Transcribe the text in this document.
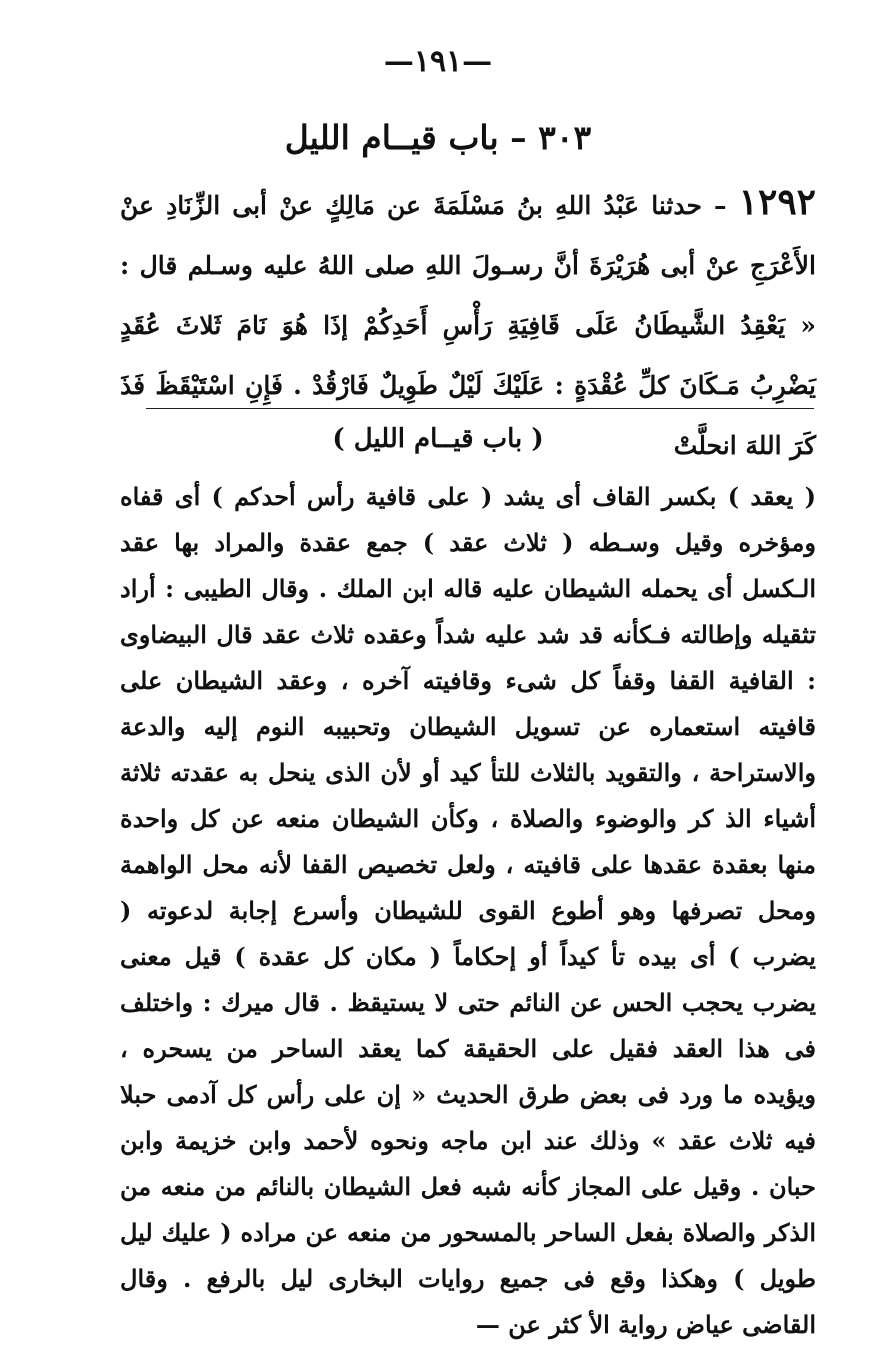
—١٩١—
٣٠٣ – باب قيــام الليل
١٢٩٢ – حدثنا عَبْدُ اللهِ بنُ مَسْلَمَةَ عن مَالِكٍ عنْ أبى الزِّنَادِ عنْ الأَعْرَجِ عنْ أبى هُرَيْرَةَ أنَّ رسـولَ اللهِ صلى اللهُ عليه وسـلم قال : « يَعْقِدُ الشَّيطَانُ عَلَى قَافِيَةِ رَأْسِ أَحَدِكُمْ إذَا هُوَ نَامَ ثَلاثَ عُقَدٍ يَضْرِبُ مَـكَانَ كلِّ عُقْدَةٍ : عَلَيْكَ لَيْلٌ طَوِيلٌ فَارْقُدْ . فَإِنِ اسْتَيْقَظَ فَذَ كَرَ اللهَ انحلَّتْ
( باب قيــام الليل )

( يعقد ) بكسر القاف أى يشد ( على قافية رأس أحدكم ) أى قفاه ومؤخره وقيل وسـطه ( ثلاث عقد ) جمع عقدة والمراد بها عقد الـكسل أى يحمله الشيطان عليه قاله ابن الملك . وقال الطيبى : أراد تثقيله وإطالته فـكأنه قد شد عليه شداً وعقده ثلاث عقد قال البيضاوى : القافية القفا وقفاً كل شىء وقافيته آخره ، وعقد الشيطان على قافيته استعماره عن تسويل الشيطان وتحبيبه النوم إليه والدعة والاستراحة ، والتقويد بالثلاث للتأ كيد أو لأن الذى ينحل به عقدته ثلاثة أشياء الذ كر والوضوء والصلاة ، وكأن الشيطان منعه عن كل واحدة منها بعقدة عقدها على قافيته ، ولعل تخصيص القفا لأنه محل الواهمة ومحل تصرفها وهو أطوع القوى للشيطان وأسرع إجابة لدعوته ( يضرب ) أى بيده تأ كيداً أو إحكاماً ( مكان كل عقدة ) قيل معنى يضرب يحجب الحس عن النائم حتى لا يستيقظ . قال ميرك : واختلف فى هذا العقد فقيل على الحقيقة كما يعقد الساحر من يسحره ، ويؤيده ما ورد فى بعض طرق الحديث « إن على رأس كل آدمى حبلا فيه ثلاث عقد » وذلك عند ابن ماجه ونحوه لأحمد وابن خزيمة وابن حبان . وقيل على المجاز كأنه شبه فعل الشيطان بالنائم من منعه من الذكر والصلاة بفعل الساحر بالمسحور من منعه عن مراده ( عليك ليل طويل ) وهكذا وقع فى جميع روايات البخارى ليل بالرفع . وقال القاضى عياض رواية الأ كثر عن —
